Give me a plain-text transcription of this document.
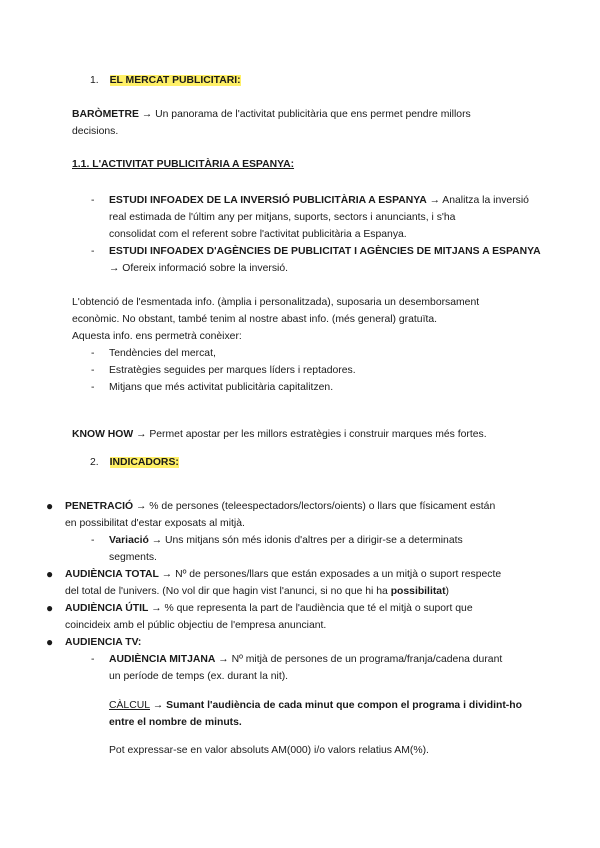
1. EL MERCAT PUBLICITARI:
BARÒMETRE → Un panorama de l'activitat publicitària que ens permet pendre millors
decisions.
1.1. L'ACTIVITAT PUBLICITÀRIA A ESPANYA:
- ESTUDI INFOADEX DE LA INVERSIÓ PUBLICITÀRIA A ESPANYA → Analitza la inversió
real estimada de l'últim any per mitjans, suports, sectors i anunciants, i s'ha
consolidat com el referent sobre l'activitat publicitària a Espanya.
- ESTUDI INFOADEX D'AGÈNCIES DE PUBLICITAT I AGÈNCIES DE MITJANS A ESPANYA
→ Ofereix informació sobre la inversió.
L'obtenció de l'esmentada info. (àmplia i personalitzada), suposaria un desemborsament
econòmic. No obstant, també tenim al nostre abast info. (més general) gratuïta.
Aquesta info. ens permetrà conèixer:
- Tendències del mercat,
- Estratègies seguides per marques líders i reptadores.
- Mitjans que més activitat publicitària capitalitzen.
KNOW HOW → Permet apostar per les millors estratègies i construir marques més fortes.
2. INDICADORS:
● PENETRACIÓ → % de persones (teleespectadors/lectors/oients) o llars que físicament están
en possibilitat d'estar exposats al mitjà.
- Variació → Uns mitjans són més idonis d'altres per a dirigir-se a determinats
segments.
● AUDIÈNCIA TOTAL → Nº de persones/llars que están exposades a un mitjà o suport respecte
del total de l'univers. (No vol dir que hagin vist l'anunci, si no que hi ha possibilitat)
● AUDIÈNCIA ÚTIL → % que representa la part de l'audiència que té el mitjà o suport que
coincideix amb el públic objectiu de l'empresa anunciant.
● AUDIENCIA TV:
- AUDIÈNCIA MITJANA → Nº mitjà de persones de un programa/franja/cadena durant
un període de temps (ex. durant la nit).
CÀLCUL → Sumant l'audiència de cada minut que compon el programa i dividint-ho
entre el nombre de minuts.
Pot expressar-se en valor absoluts AM(000) i/o valors relatius AM(%).
